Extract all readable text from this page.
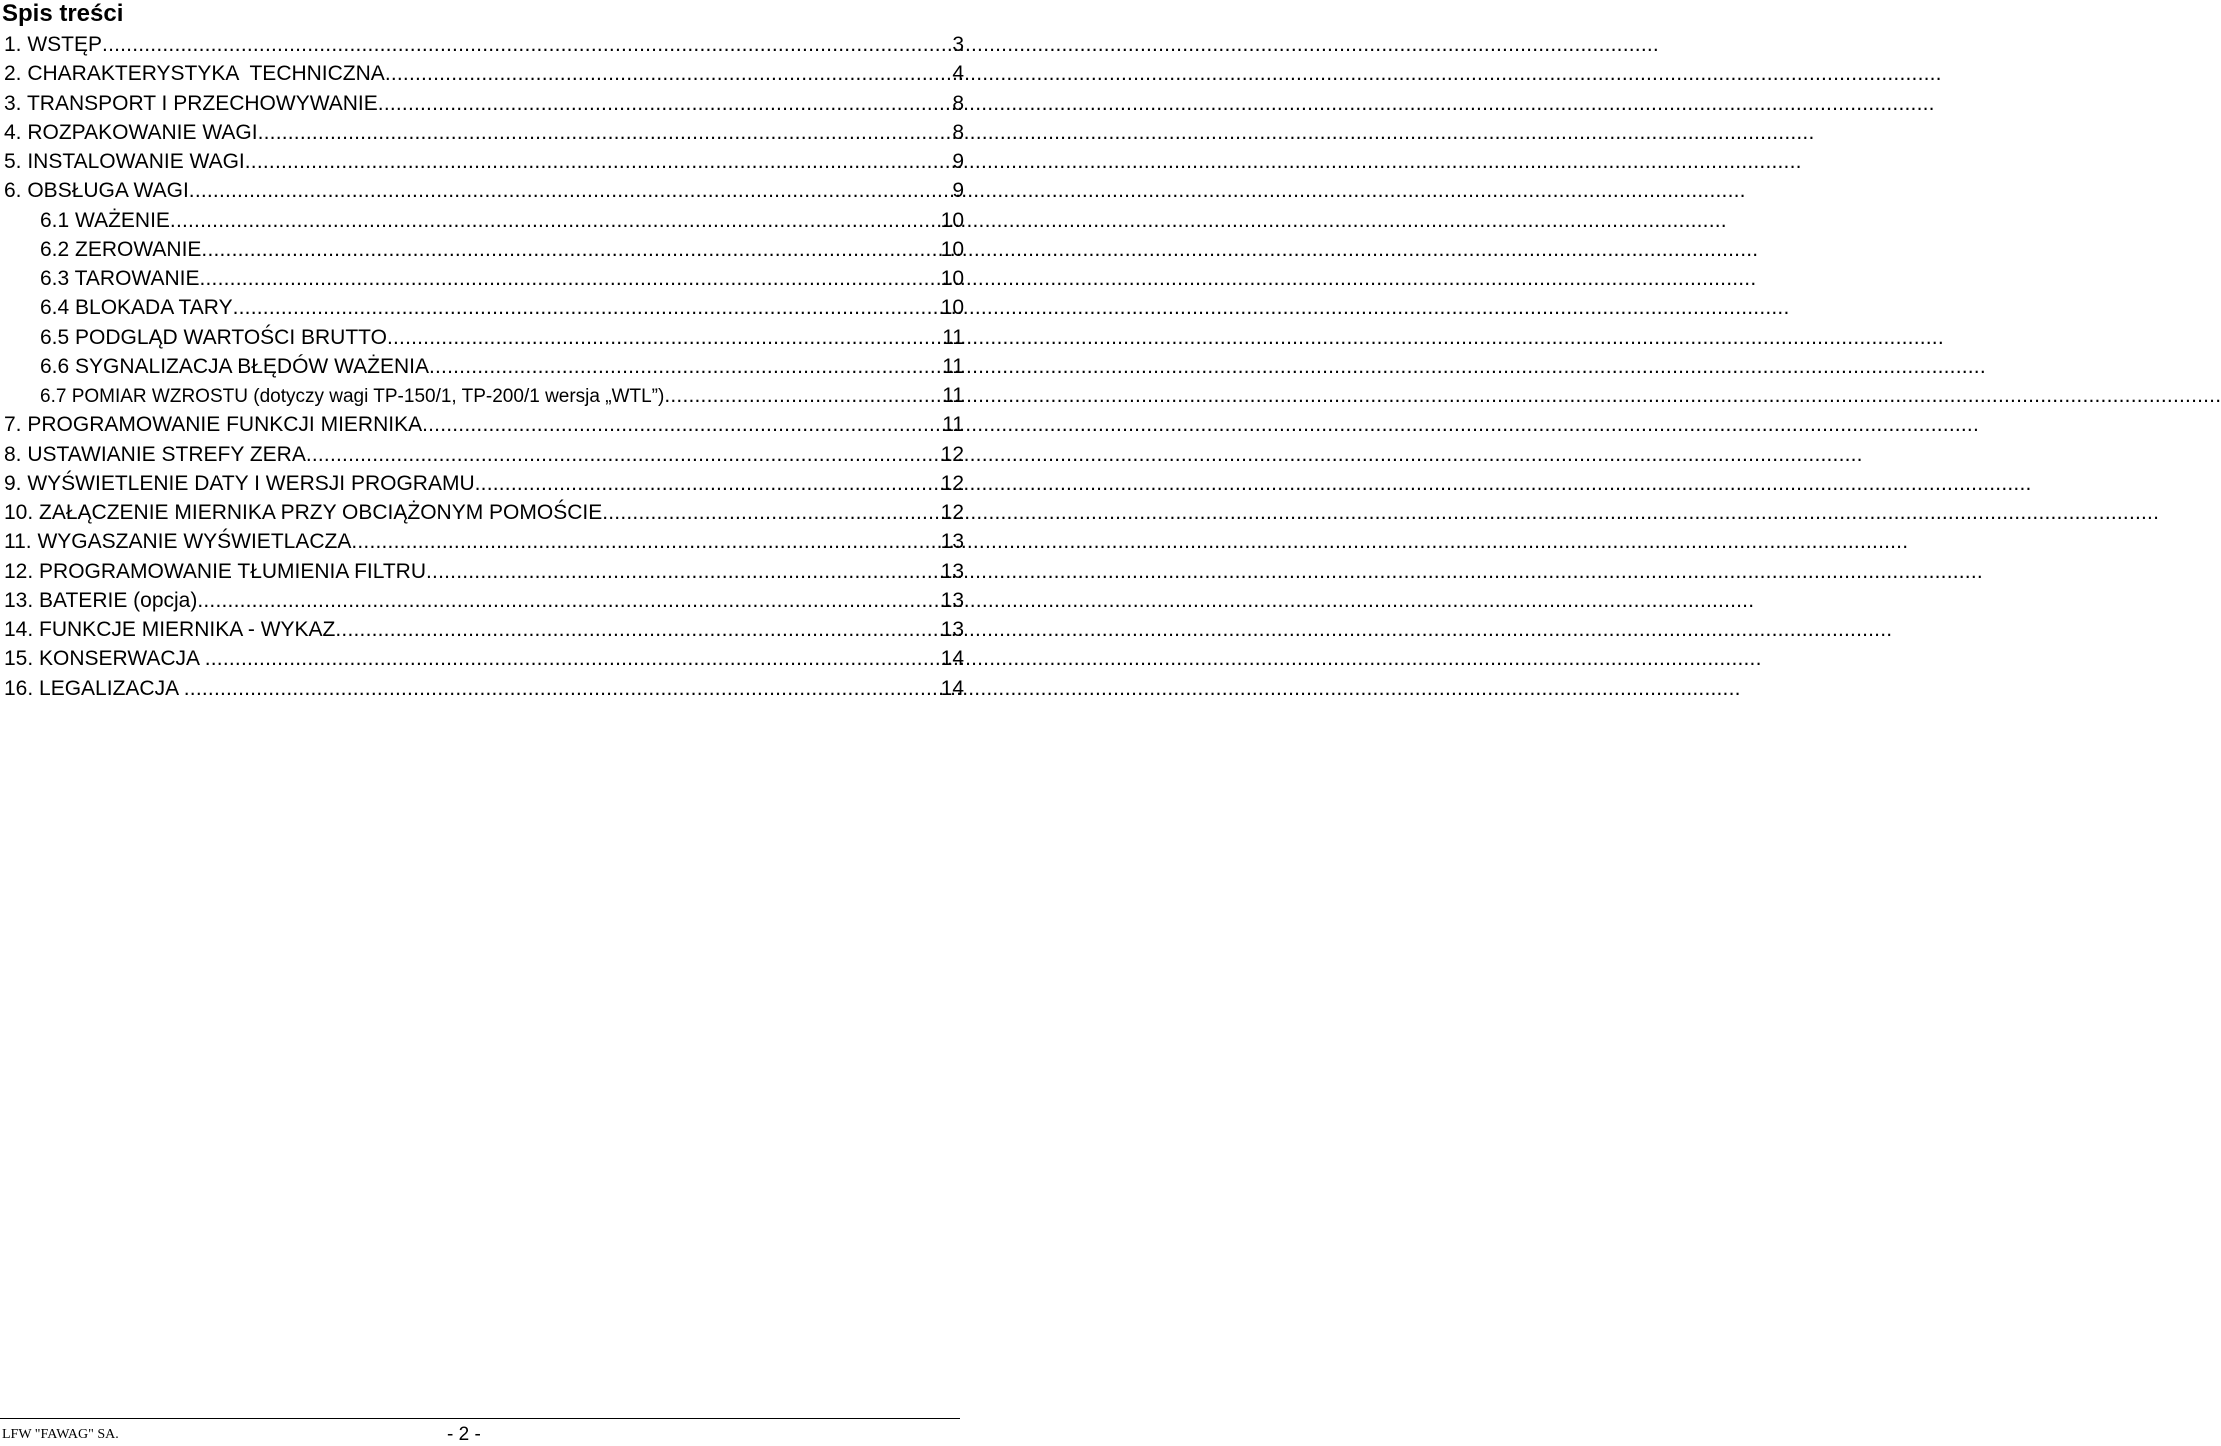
Spis treści
1. WSTĘP .....	3
2. CHARAKTERYSTYKA  TECHNICZNA .....	4
3. TRANSPORT I PRZECHOWYWANIE .....	8
4. ROZPAKOWANIE WAGI .....	8
5. INSTALOWANIE WAGI .....	9
6. OBSŁUGA WAGI .....	9
6.1 WAŻENIE .....	10
6.2 ZEROWANIE .....	10
6.3 TAROWANIE .....	10
6.4 BLOKADA TARY .....	10
6.5 PODGLĄD WARTOŚCI BRUTTO .....	11
6.6 SYGNALIZACJA BŁĘDÓW WAŻENIA .....	11
6.7 POMIAR WZROSTU (dotyczy wagi TP-150/1, TP-200/1 wersja „WTL”) .....	11
7. PROGRAMOWANIE FUNKCJI MIERNIKA .....	11
8. USTAWIANIE STREFY ZERA .....	12
9. WYŚWIETLENIE DATY I WERSJI PROGRAMU .....	12
10. ZAŁĄCZENIE MIERNIKA PRZY OBCIĄŻONYM POMOŚCIE .....	12
11. WYGASZANIE WYŚWIETLACZA .....	13
12. PROGRAMOWANIE TŁUMIENIA FILTRU .....	13
13. BATERIE (opcja) .....	13
14. FUNKCJE MIERNIKA - WYKAZ .....	13
15. KONSERWACJA .....	14
16. LEGALIZACJA .....	14
LFW "FAWAG" SA.	- 2 -
